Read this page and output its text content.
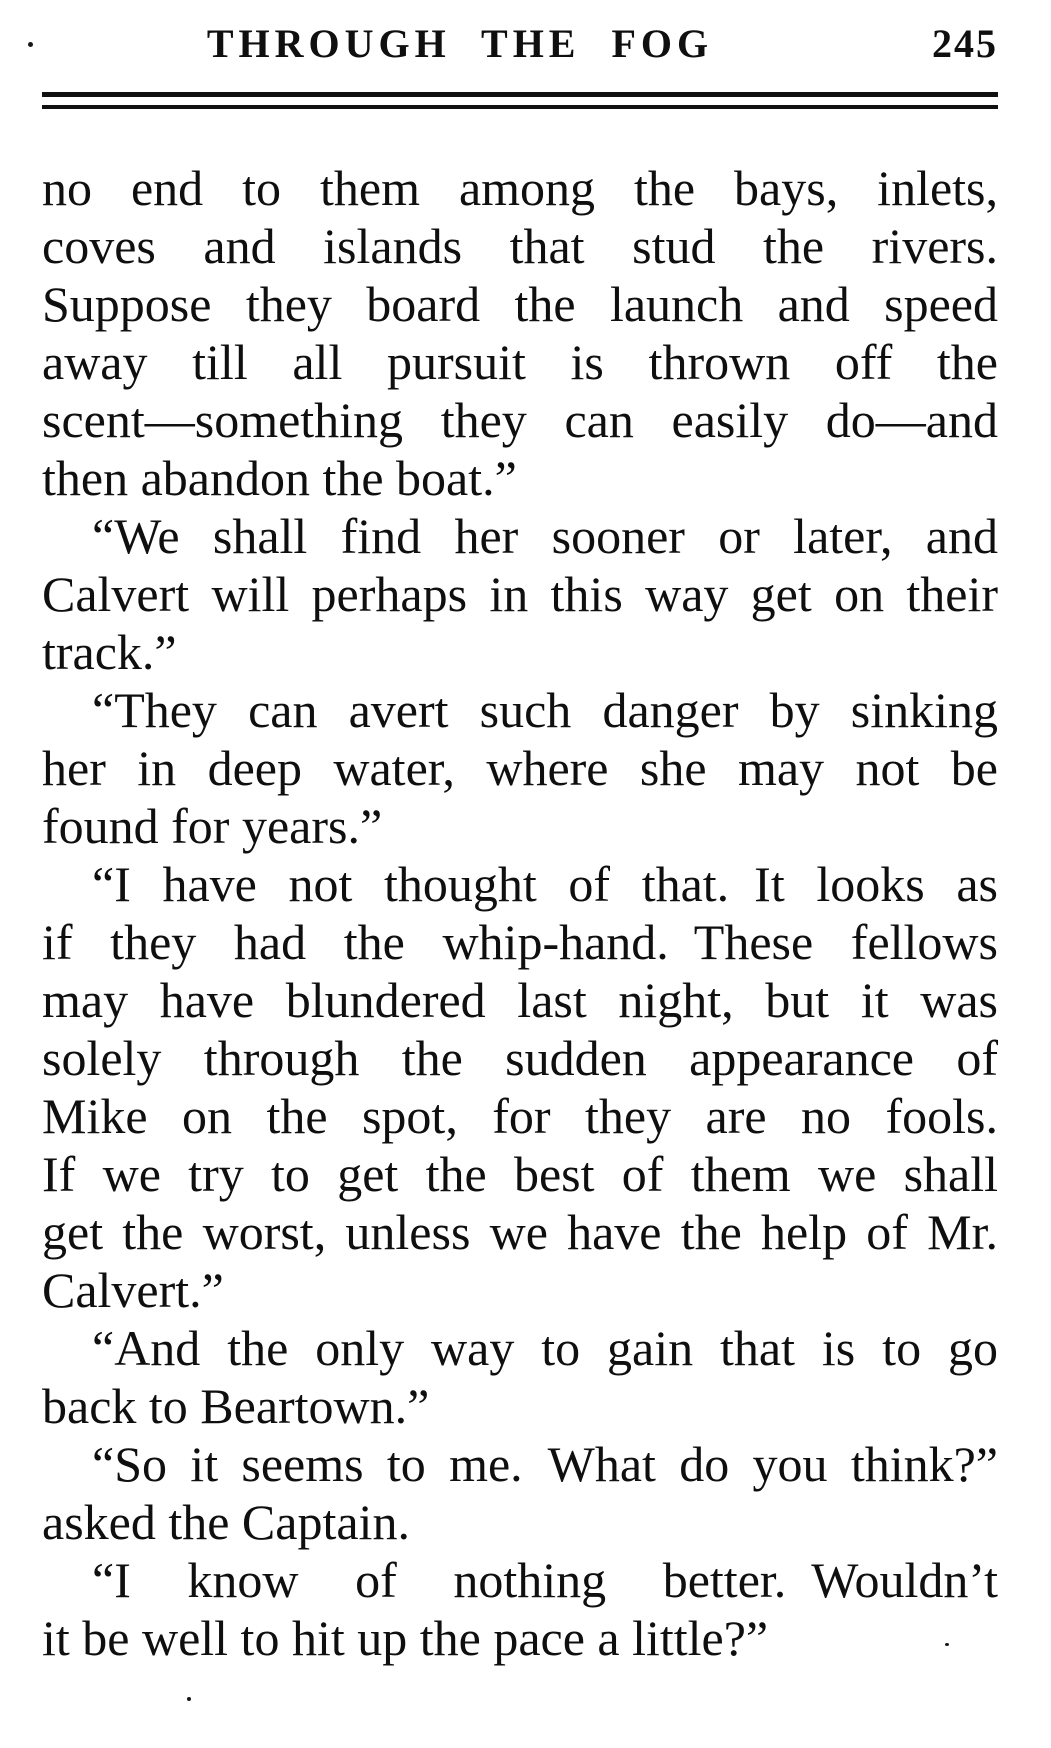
THROUGH THE FOG	245
no end to them among the bays, inlets,
coves and islands that stud the rivers.
Suppose they board the launch and speed
away till all pursuit is thrown off the
scent—something they can easily do—and
then abandon the boat.”
“We shall find her sooner or later, and
Calvert will perhaps in this way get on their
track.”
“They can avert such danger by sinking
her in deep water, where she may not be
found for years.”
“I have not thought of that. It looks as
if they had the whip-hand. These fellows
may have blundered last night, but it was
solely through the sudden appearance of
Mike on the spot, for they are no fools.
If we try to get the best of them we shall
get the worst, unless we have the help of Mr.
Calvert.”
“And the only way to gain that is to go
back to Beartown.”
“So it seems to me. What do you think?”
asked the Captain.
“I know of nothing better. Wouldn’t
it be well to hit up the pace a little?”
